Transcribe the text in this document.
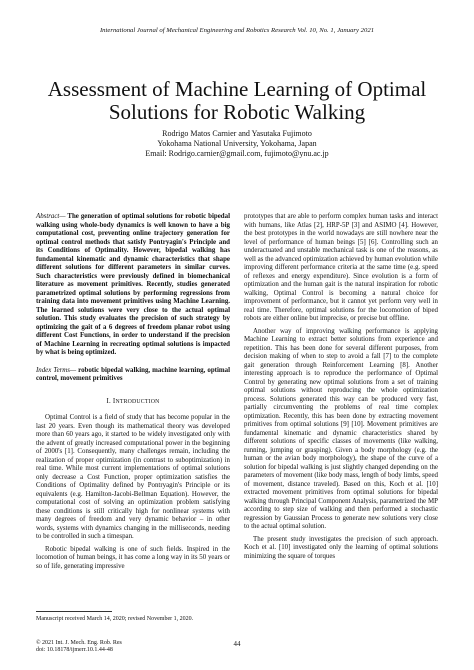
International Journal of Mechanical Engineering and Robotics Research Vol. 10, No. 1, January 2021
Assessment of Machine Learning of Optimal Solutions for Robotic Walking
Rodrigo Matos Carnier and Yasutaka Fujimoto
Yokohama National University, Yokohama, Japan
Email: Rodrigo.carnier@gmail.com, fujimoto@ynu.ac.jp

Abstract— The generation of optimal solutions for robotic bipedal walking using whole-body dynamics is well known to have a big computational cost, preventing online trajectory generation for optimal control methods that satisfy Pontryagin's Principle and its Conditions of Optimality. However, bipedal walking has fundamental kinematic and dynamic characteristics that shape different solutions for different parameters in similar curves. Such characteristics were previously defined in biomechanical literature as movement primitives. Recently, studies generated parametrized optimal solutions by performing regressions from training data into movement primitives using Machine Learning. The learned solutions were very close to the actual optimal solution. This study evaluates the precision of such strategy by optimizing the gait of a 6 degrees of freedom planar robot using different Cost Functions, in order to understand if the precision of Machine Learning in recreating optimal solutions is impacted by what is being optimized.

Index Terms— robotic bipedal walking, machine learning, optimal control, movement primitives

I. INTRODUCTION

Optimal Control is a field of study that has become popular in the last 20 years. Even though its mathematical theory was developed more than 60 years ago, it started to be widely investigated only with the advent of greatly increased computational power in the beginning of 2000's [1]. Consequently, many challenges remain, including the realization of proper optimization (in contrast to suboptimization) in real time. While most current implementations of optimal solutions only decrease a Cost Function, proper optimization satisfies the Conditions of Optimality defined by Pontryagin's Principle or its equivalents (e.g. Hamilton-Jacobi-Bellman Equation). However, the computational cost of solving an optimization problem satisfying these conditions is still critically high for nonlinear systems with many degrees of freedom and very dynamic behavior – in other words, systems with dynamics changing in the milliseconds, needing to be controlled in such a timespan.

Robotic bipedal walking is one of such fields. Inspired in the locomotion of human beings, it has come a long way in its 50 years or so of life, generating impressive

prototypes that are able to perform complex human tasks and interact with humans, like Atlas [2], HRP-5P [3] and ASIMO [4]. However, the best prototypes in the world nowadays are still nowhere near the level of performance of human beings [5] [6]. Controlling such an underactuated and unstable mechanical task is one of the reasons, as well as the advanced optimization achieved by human evolution while improving different performance criteria at the same time (e.g. speed of reflexes and energy expenditure). Since evolution is a form of optimization and the human gait is the natural inspiration for robotic walking, Optimal Control is becoming a natural choice for improvement of performance, but it cannot yet perform very well in real time. Therefore, optimal solutions for the locomotion of biped robots are either online but imprecise, or precise but offline.

Another way of improving walking performance is applying Machine Learning to extract better solutions from experience and repetition. This has been done for several different purposes, from decision making of when to step to avoid a fall [7] to the complete gait generation through Reinforcement Learning [8]. Another interesting approach is to reproduce the performance of Optimal Control by generating new optimal solutions from a set of training optimal solutions without reproducing the whole optimization process. Solutions generated this way can be produced very fast, partially circumventing the problems of real time complex optimization. Recently, this has been done by extracting movement primitives from optimal solutions [9] [10]. Movement primitives are fundamental kinematic and dynamic characteristics shared by different solutions of specific classes of movements (like walking, running, jumping or grasping). Given a body morphology (e.g. the human or the avian body morphology), the shape of the curve of a solution for bipedal walking is just slightly changed depending on the parameters of movement (like body mass, length of body limbs, speed of movement, distance traveled). Based on this, Koch et al. [10] extracted movement primitives from optimal solutions for bipedal walking through Principal Component Analysis, parametrized the MP according to step size of walking and then performed a stochastic regression by Gaussian Process to generate new solutions very close to the actual optimal solution.

The present study investigates the precision of such approach. Koch et al. [10] investigated only the learning of optimal solutions minimizing the square of torques

Manuscript received March 14, 2020; revised November 1, 2020.
© 2021 Int. J. Mech. Eng. Rob. Res
doi: 10.18178/ijmerr.10.1.44-48
44
